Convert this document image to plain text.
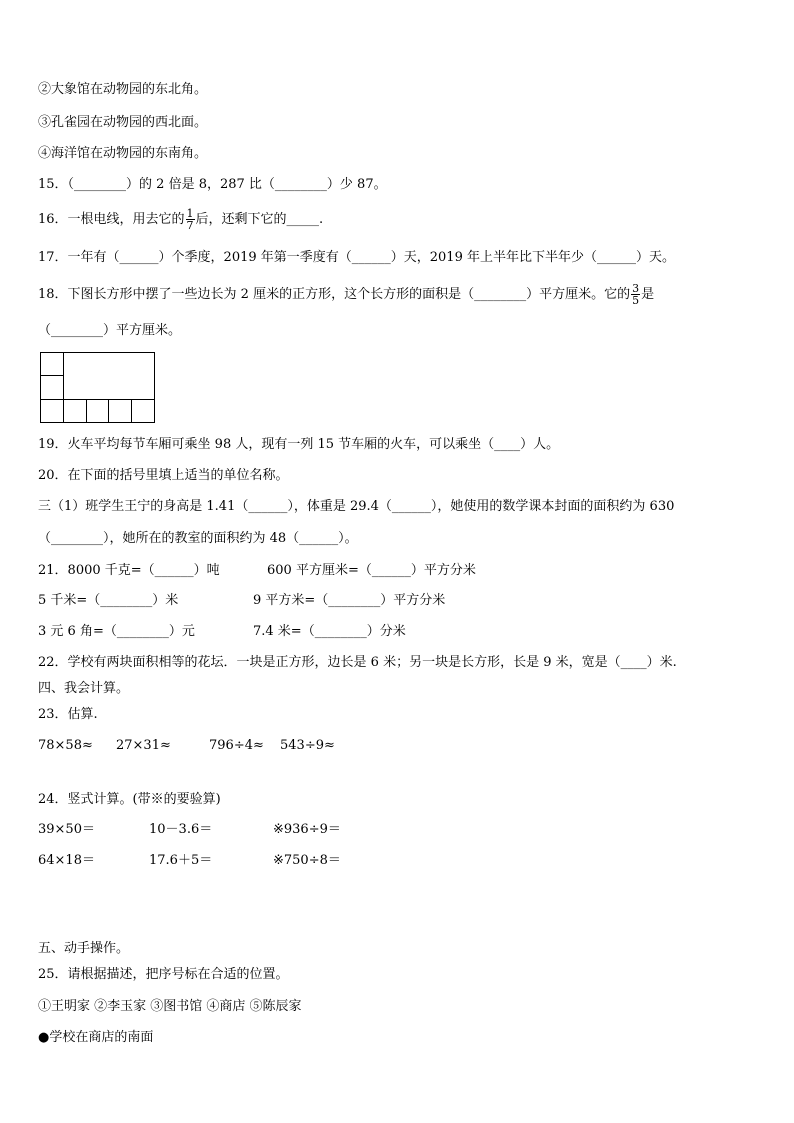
②大象馆在动物园的东北角。
③孔雀园在动物园的西北面。
④海洋馆在动物园的东南角。
15．（________）的 2 倍是 8，287 比（________）少 87。
16．一根电线，用去它的 $\frac{1}{7}$ 后，还剩下它的_____.
17．一年有（______）个季度，2019 年第一季度有（______）天，2019 年上半年比下半年少（______）天。
18．下图长方形中摆了一些边长为 2 厘米的正方形，这个长方形的面积是（________）平方厘米。它的 $\frac{3}{5}$ 是
（________）平方厘米。
19．火车平均每节车厢可乘坐 98 人，现有一列 15 节车厢的火车，可以乘坐（____）人。
20．在下面的括号里填上适当的单位名称。
三（1）班学生王宁的身高是 1.41（______），体重是 29.4（______），她使用的数学课本封面的面积约为 630
（________），她所在的教室的面积约为 48（______）。
21．8000 千克=（______）吨	600 平方厘米=（______）平方分米
5 千米=（________）米	9 平方米=（________）平方分米
3 元 6 角=（________）元	7.4 米=（________）分米
22．学校有两块面积相等的花坛．一块是正方形，边长是 6 米；另一块是长方形，长是 9 米，宽是（____）米.
四、我会计算。
23．估算.
78×58≈ 27×31≈	796÷4≈ 543÷9≈
24．竖式计算。(带※的要验算)
39×50＝	10－3.6＝	※936÷9＝
64×18＝	17.6＋5＝	※750÷8＝
五、动手操作。
25．请根据描述，把序号标在合适的位置。
①王明家 ②李玉家 ③图书馆 ④商店 ⑤陈辰家
●学校在商店的南面
